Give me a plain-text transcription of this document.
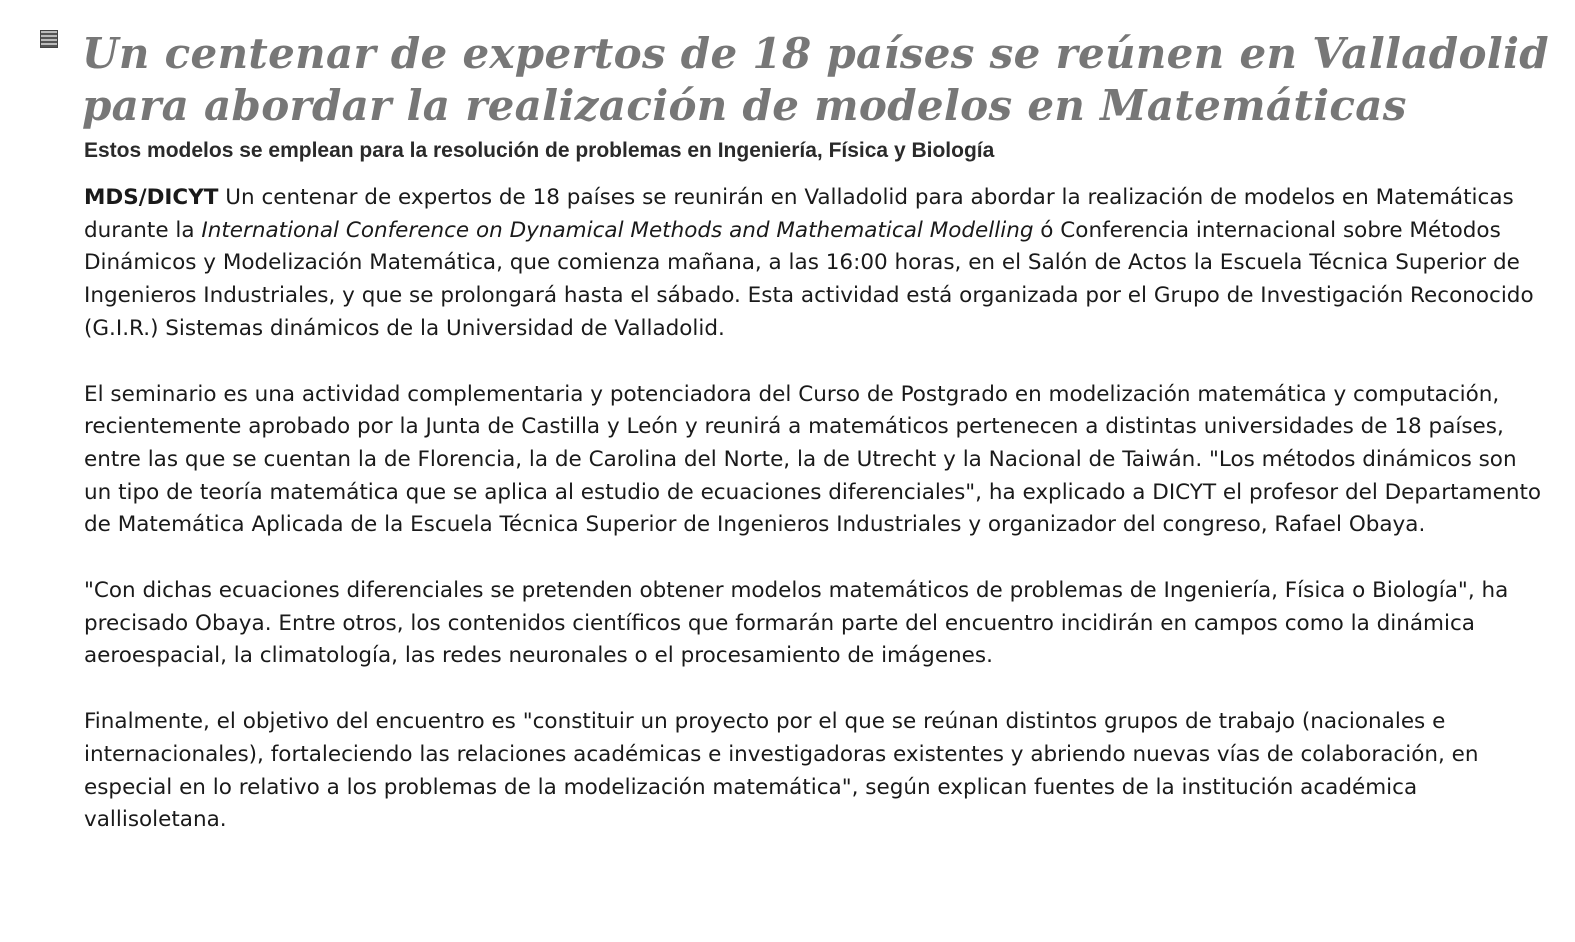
Un centenar de expertos de 18 países se reúnen en Valladolid para abordar la realización de modelos en Matemáticas
Estos modelos se emplean para la resolución de problemas en Ingeniería, Física y Biología

MDS/DICYT Un centenar de expertos de 18 países se reunirán en Valladolid para abordar la realización de modelos en Matemáticas durante la International Conference on Dynamical Methods and Mathematical Modelling ó Conferencia internacional sobre Métodos Dinámicos y Modelización Matemática, que comienza mañana, a las 16:00 horas, en el Salón de Actos la Escuela Técnica Superior de Ingenieros Industriales, y que se prolongará hasta el sábado. Esta actividad está organizada por el Grupo de Investigación Reconocido (G.I.R.) Sistemas dinámicos de la Universidad de Valladolid.

El seminario es una actividad complementaria y potenciadora del Curso de Postgrado en modelización matemática y computación, recientemente aprobado por la Junta de Castilla y León y reunirá a matemáticos pertenecen a distintas universidades de 18 países, entre las que se cuentan la de Florencia, la de Carolina del Norte, la de Utrecht y la Nacional de Taiwán. "Los métodos dinámicos son un tipo de teoría matemática que se aplica al estudio de ecuaciones diferenciales", ha explicado a DICYT el profesor del Departamento de Matemática Aplicada de la Escuela Técnica Superior de Ingenieros Industriales y organizador del congreso, Rafael Obaya.

"Con dichas ecuaciones diferenciales se pretenden obtener modelos matemáticos de problemas de Ingeniería, Física o Biología", ha precisado Obaya. Entre otros, los contenidos científicos que formarán parte del encuentro incidirán en campos como la dinámica aeroespacial, la climatología, las redes neuronales o el procesamiento de imágenes.

Finalmente, el objetivo del encuentro es "constituir un proyecto por el que se reúnan distintos grupos de trabajo (nacionales e internacionales), fortaleciendo las relaciones académicas e investigadoras existentes y abriendo nuevas vías de colaboración, en especial en lo relativo a los problemas de la modelización matemática", según explican fuentes de la institución académica vallisoletana.
